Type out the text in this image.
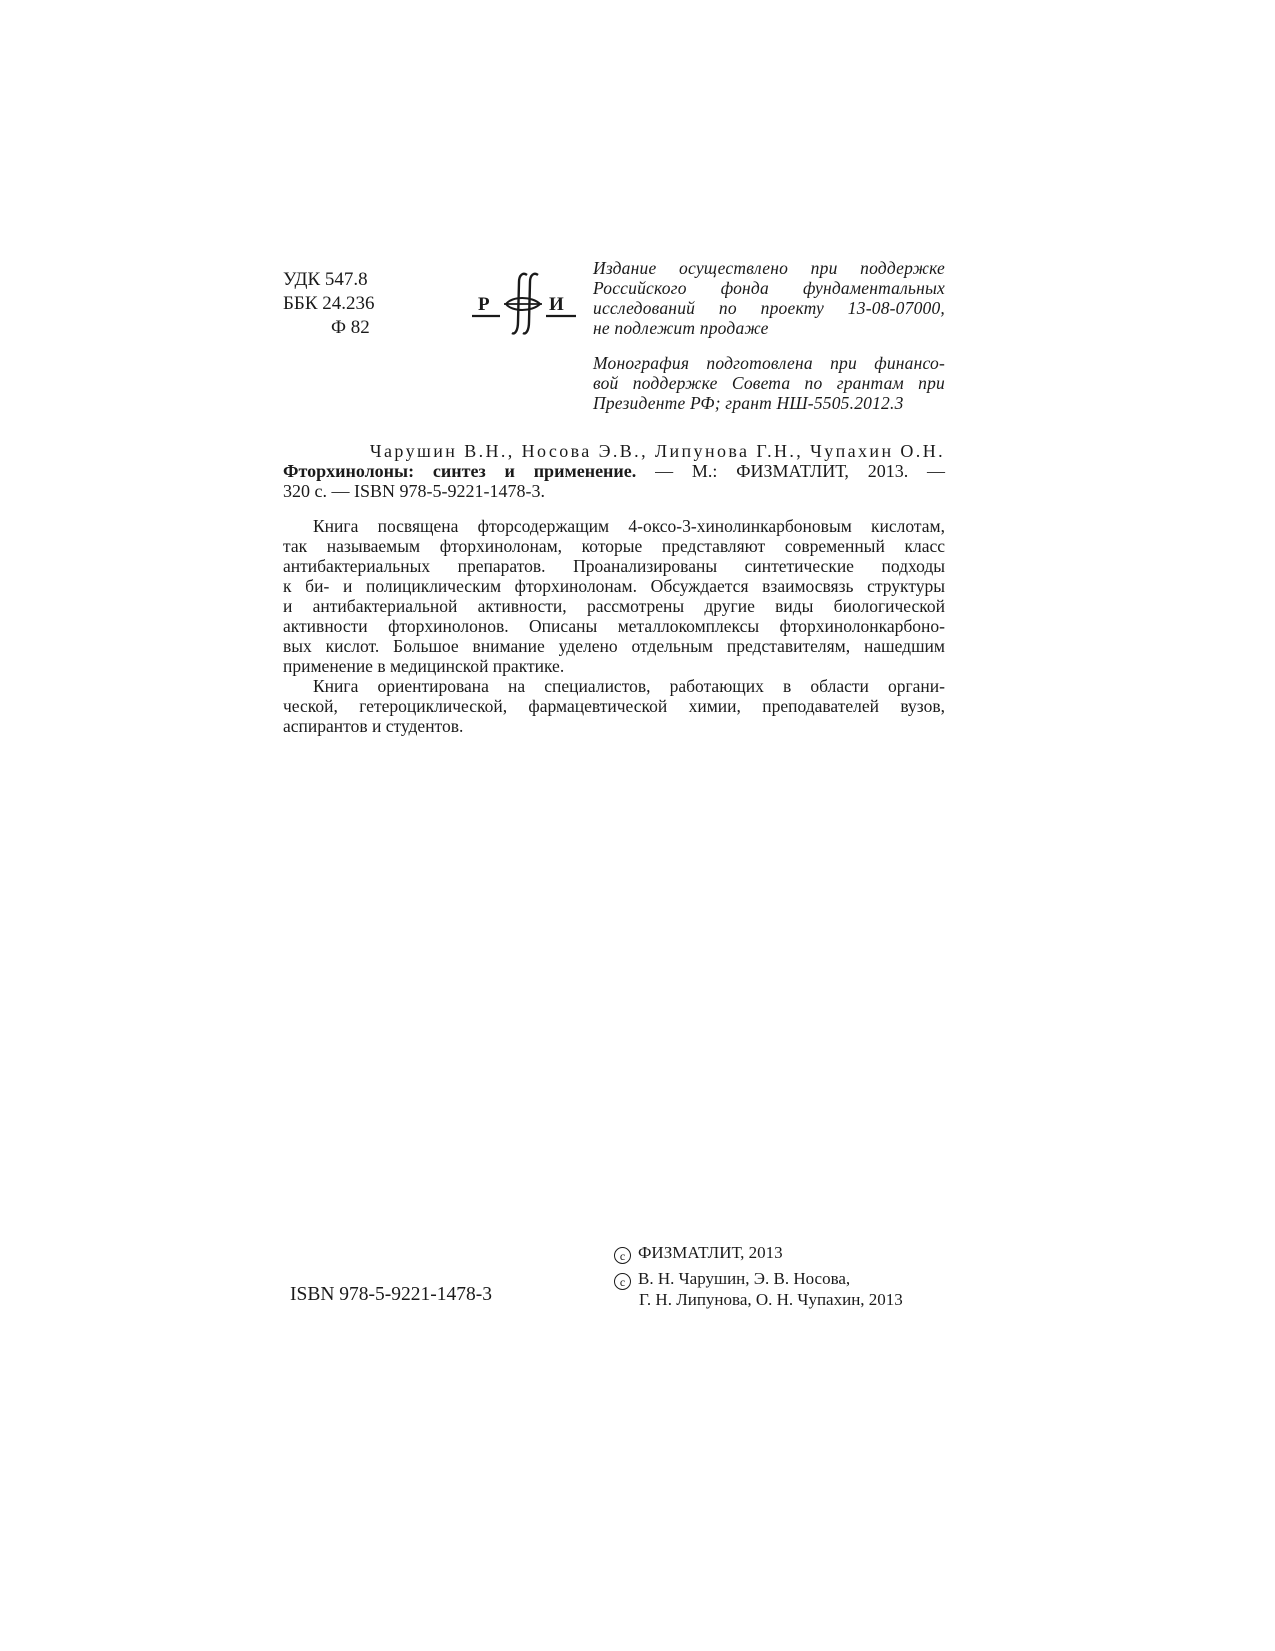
УДК 547.8
ББК 24.236
Ф 82
Р	И
Издание осуществлено при поддержке
Российского фонда фундаментальных
исследований по проекту 13-08-07000,
не подлежит продаже
Монография подготовлена при финансо-
вой поддержке Совета по грантам при
Президенте РФ; грант НШ-5505.2012.3
Чарушин В.Н., Носова Э.В., Липунова Г.Н., Чупахин О.Н.
Фторхинолоны: синтез и применение. — М.: ФИЗМАТЛИТ, 2013. —
320 с. — ISBN 978-5-9221-1478-3.
Книга посвящена фторсодержащим 4-оксо-3-хинолинкарбоновым кислотам,
так называемым фторхинолонам, которые представляют современный класс
антибактериальных препаратов. Проанализированы синтетические подходы
к би- и полициклическим фторхинолонам. Обсуждается взаимосвязь структуры
и антибактериальной активности, рассмотрены другие виды биологической
активности фторхинолонов. Описаны металлокомплексы фторхинолонкарбоно-
вых кислот. Большое внимание уделено отдельным представителям, нашедшим
применение в медицинской практике.
Книга ориентирована на специалистов, работающих в области органи-
ческой, гетероциклической, фармацевтической химии, преподавателей вузов,
аспирантов и студентов.
c ФИЗМАТЛИТ, 2013
c В. Н. Чарушин, Э. В. Носова,
Г. Н. Липунова, О. Н. Чупахин, 2013
ISBN 978-5-9221-1478-3
